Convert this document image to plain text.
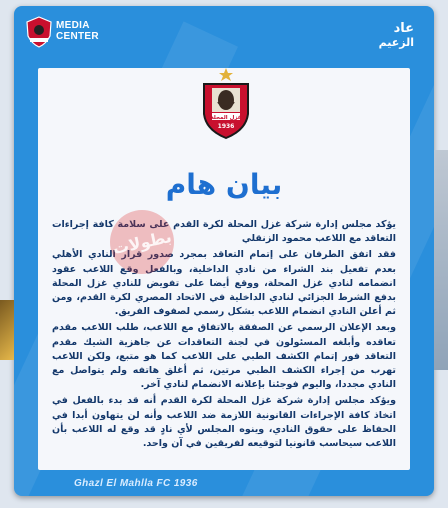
MEDIA
CENTER
عاد
الزعيم
غزل المحلة
1936
بيان هام

يؤكد مجلس إدارة شركة غزل المحلة لكرة القدم على سلامة كافة إجراءات التعاقد مع اللاعب محمود الزنقلي

فقد اتفق الطرفان على إتمام التعاقد بمجرد صدور قرار النادي الأهلي بعدم تفعيل بند الشراء من نادي الداخلية، وبالفعل وقع اللاعب عقود انضمامه لنادي غزل المحلة، ووقع أيضا على تفويض للنادي غزل المحلة بدفع الشرط الجزائي لنادي الداخلية في الاتحاد المصري لكرة القدم، ومن ثم أعلن النادي انضمام اللاعب بشكل رسمي لصفوف الفريق.

وبعد الإعلان الرسمي عن الصفقة بالاتفاق مع اللاعب، طلب اللاعب مقدم تعاقده وأبلغه المسئولون في لجنة التعاقدات عن جاهزية الشيك مقدم التعاقد فور إتمام الكشف الطبي على اللاعب كما هو متبع، ولكن اللاعب تهرب من إجراء الكشف الطبي مرتين، ثم أغلق هاتفه ولم يتواصل مع النادي مجددا، واليوم فوجئنا بإعلانه الانضمام لنادي آخر.

ويؤكد مجلس إدارة شركة غزل المحلة لكرة القدم أنه قد بدء بالفعل في اتخاذ كافة الإجراءات القانونية اللازمة ضد اللاعب وأنه لن يتهاون أبدا في الحفاظ على حقوق النادي، وينوه المجلس لأي نادٍ قد وقع له اللاعب بأن اللاعب سيحاسب قانونيا لتوقيعه لفريقين في آن واحد.

Ghazl El Mahlla FC 1936
بطولات
